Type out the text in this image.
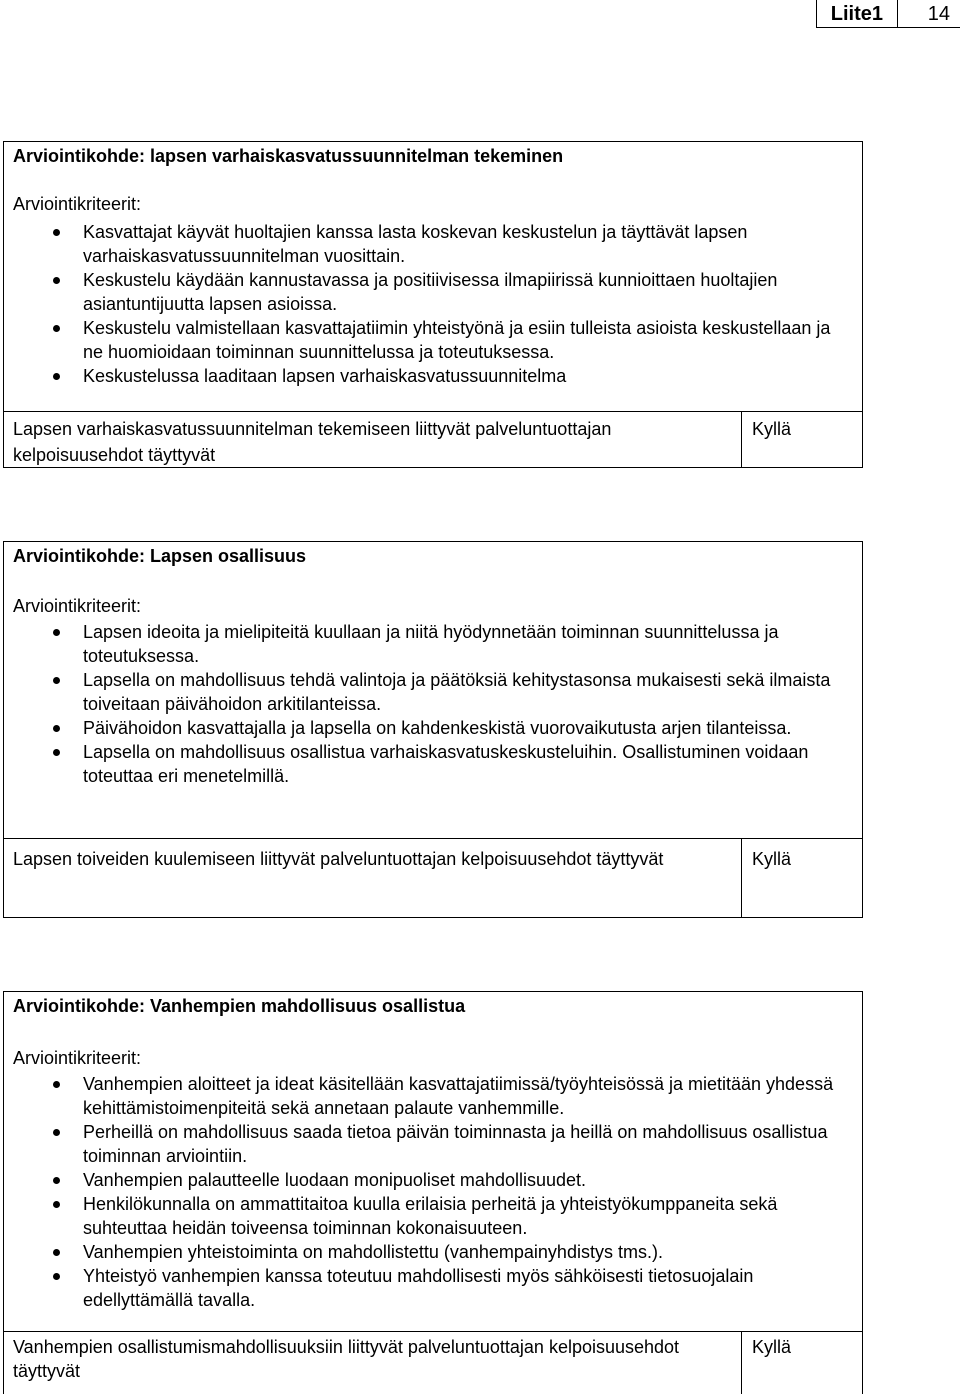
Liite1	14

Arviointikohde: lapsen varhaiskasvatussuunnitelman tekeminen

Arviointikriteerit:

Kasvattajat käyvät huoltajien kanssa lasta koskevan keskustelun ja täyttävät lapsen varhaiskasvatussuunnitelman vuosittain.
Keskustelu käydään kannustavassa ja positiivisessa ilmapiirissä kunnioittaen huoltajien asiantuntijuutta lapsen asioissa.
Keskustelu valmistellaan kasvattajatiimin yhteistyönä ja esiin tulleista asioista keskustellaan ja ne huomioidaan toiminnan suunnittelussa ja toteutuksessa.
Keskustelussa laaditaan lapsen varhaiskasvatussuunnitelma
Lapsen varhaiskasvatussuunnitelman tekemiseen liittyvät palveluntuottajan kelpoisuusehdot täyttyvät
Kyllä

Arviointikohde: Lapsen osallisuus

Arviointikriteerit:

Lapsen ideoita ja mielipiteitä kuullaan ja niitä hyödynnetään toiminnan suunnittelussa ja toteutuksessa.
Lapsella on mahdollisuus tehdä valintoja ja päätöksiä kehitystasonsa mukaisesti sekä ilmaista toiveitaan päivähoidon arkitilanteissa.
Päivähoidon kasvattajalla ja lapsella on kahdenkeskistä vuorovaikutusta arjen tilanteissa.
Lapsella on mahdollisuus osallistua varhaiskasvatuskeskusteluihin. Osallistuminen voidaan toteuttaa eri menetelmillä.
Lapsen toiveiden kuulemiseen liittyvät palveluntuottajan kelpoisuusehdot täyttyvät	Kyllä

Arviointikohde: Vanhempien mahdollisuus osallistua

Arviointikriteerit:

Vanhempien aloitteet ja ideat käsitellään kasvattajatiimissä/työyhteisössä ja mietitään yhdessä kehittämistoimenpiteitä sekä annetaan palaute vanhemmille.
Perheillä on mahdollisuus saada tietoa päivän toiminnasta ja heillä on mahdollisuus osallistua toiminnan arviointiin.
Vanhempien palautteelle luodaan monipuoliset mahdollisuudet.
Henkilökunnalla on ammattitaitoa kuulla erilaisia perheitä ja yhteistyökumppaneita sekä suhteuttaa heidän toiveensa toiminnan kokonaisuuteen.
Vanhempien yhteistoiminta on mahdollistettu (vanhempainyhdistys tms.).
Yhteistyö vanhempien kanssa toteutuu mahdollisesti myös sähköisesti tietosuojalain edellyttämällä tavalla.
Vanhempien osallistumismahdollisuuksiin liittyvät palveluntuottajan kelpoisuusehdot täyttyvät
Kyllä
